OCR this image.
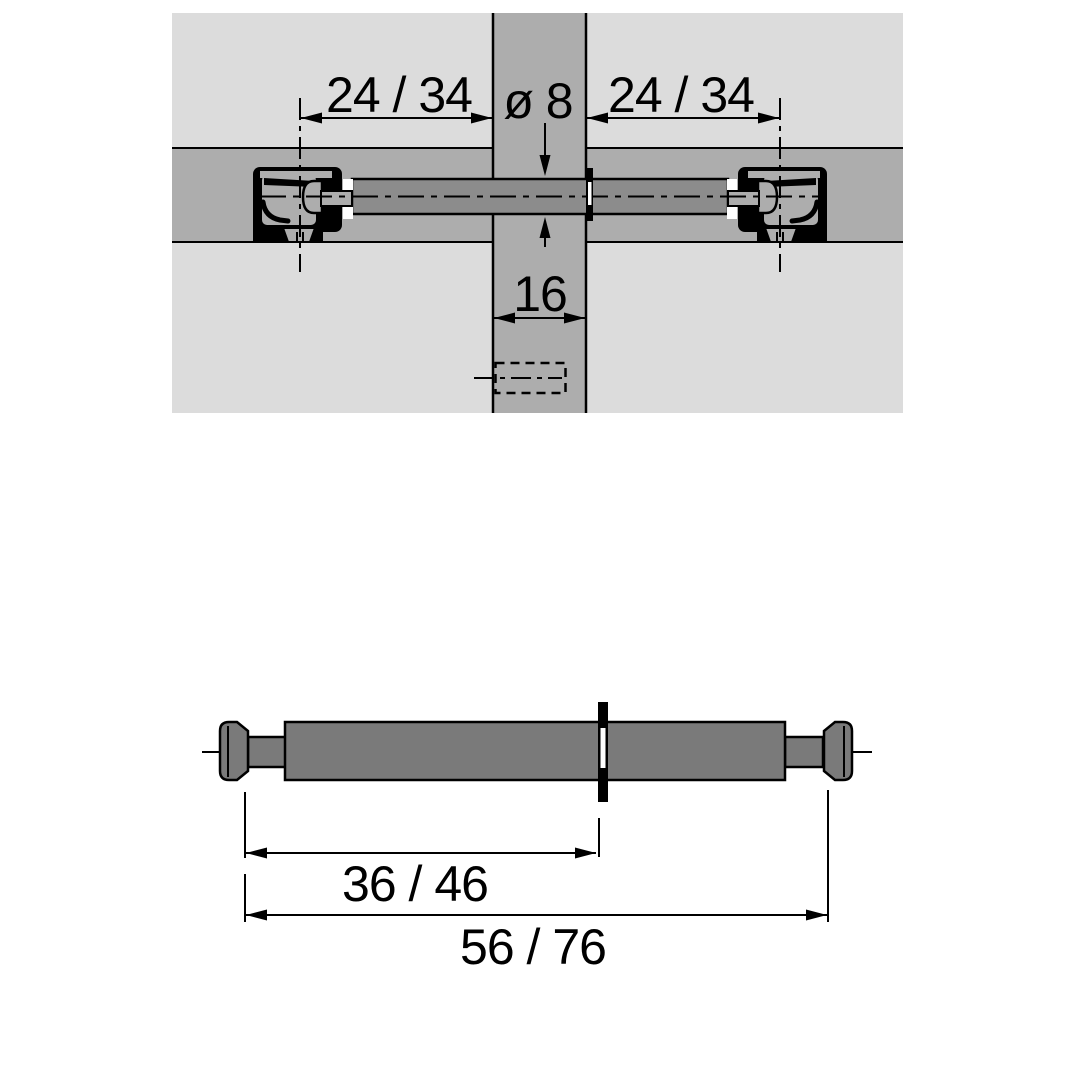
24 / 34	24 / 34
ø 8
16
36 / 46
56 / 76
